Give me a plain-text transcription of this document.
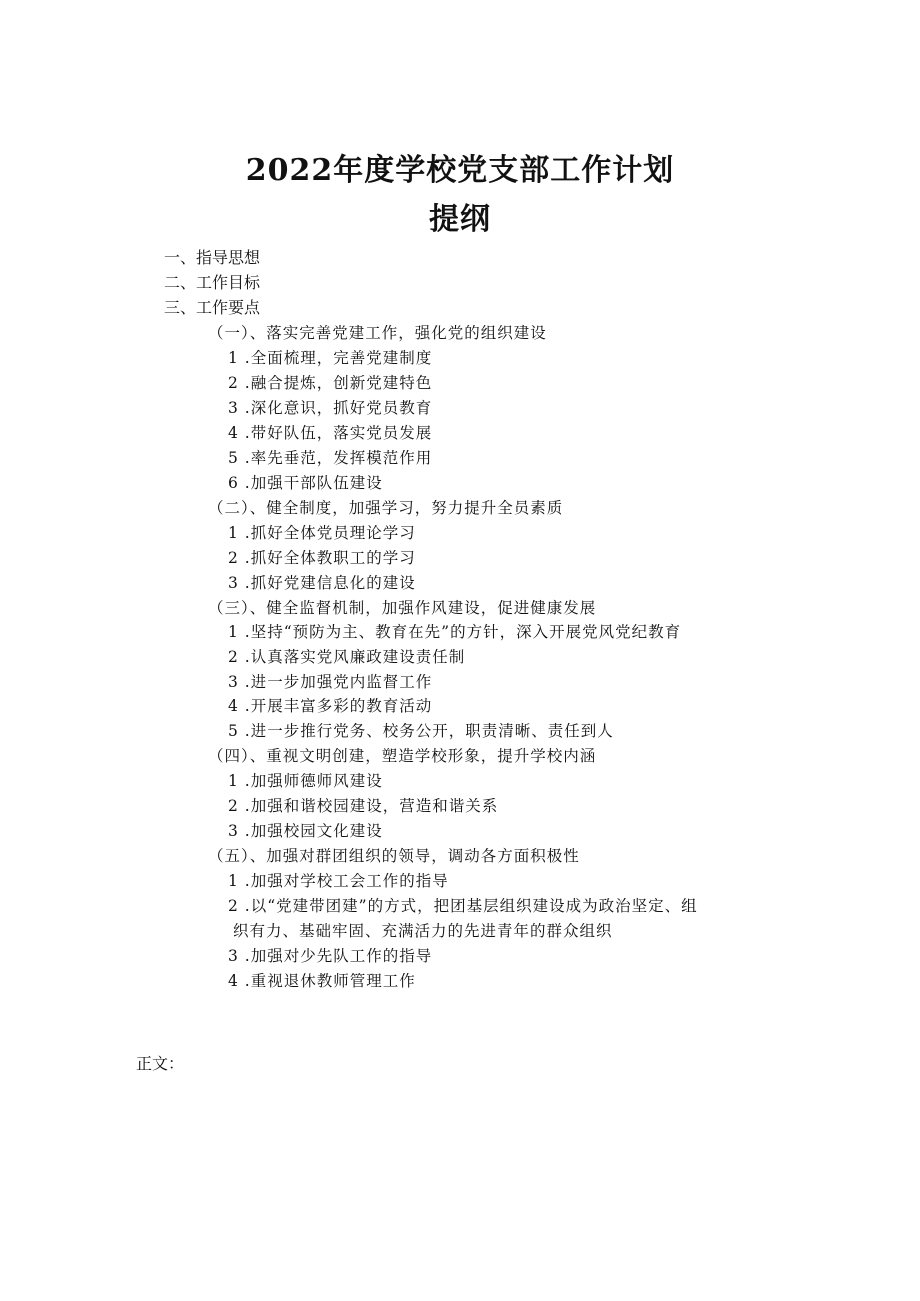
2022年度学校党支部工作计划
提纲

一、指导思想

二、工作目标

三、工作要点

（一）、落实完善党建工作，强化党的组织建设

1 .全面梳理，完善党建制度

2 .融合提炼，创新党建特色

3 .深化意识，抓好党员教育

4 .带好队伍，落实党员发展

5 .率先垂范，发挥模范作用

6 .加强干部队伍建设

（二）、健全制度，加强学习，努力提升全员素质

1 .抓好全体党员理论学习

2 .抓好全体教职工的学习

3 .抓好党建信息化的建设

（三）、健全监督机制，加强作风建设，促进健康发展

1 .坚持“预防为主、教育在先”的方针，深入开展党风党纪教育

2 .认真落实党风廉政建设责任制

3 .进一步加强党内监督工作

4 .开展丰富多彩的教育活动

5 .进一步推行党务、校务公开，职责清晰、责任到人

（四）、重视文明创建，塑造学校形象，提升学校内涵

1 .加强师德师风建设

2 .加强和谐校园建设，营造和谐关系

3 .加强校园文化建设

（五）、加强对群团组织的领导，调动各方面积极性

1 .加强对学校工会工作的指导

2 .以“党建带团建”的方式，把团基层组织建设成为政治坚定、组

织有力、基础牢固、充满活力的先进青年的群众组织

3 .加强对少先队工作的指导

4 .重视退休教师管理工作

正文：
